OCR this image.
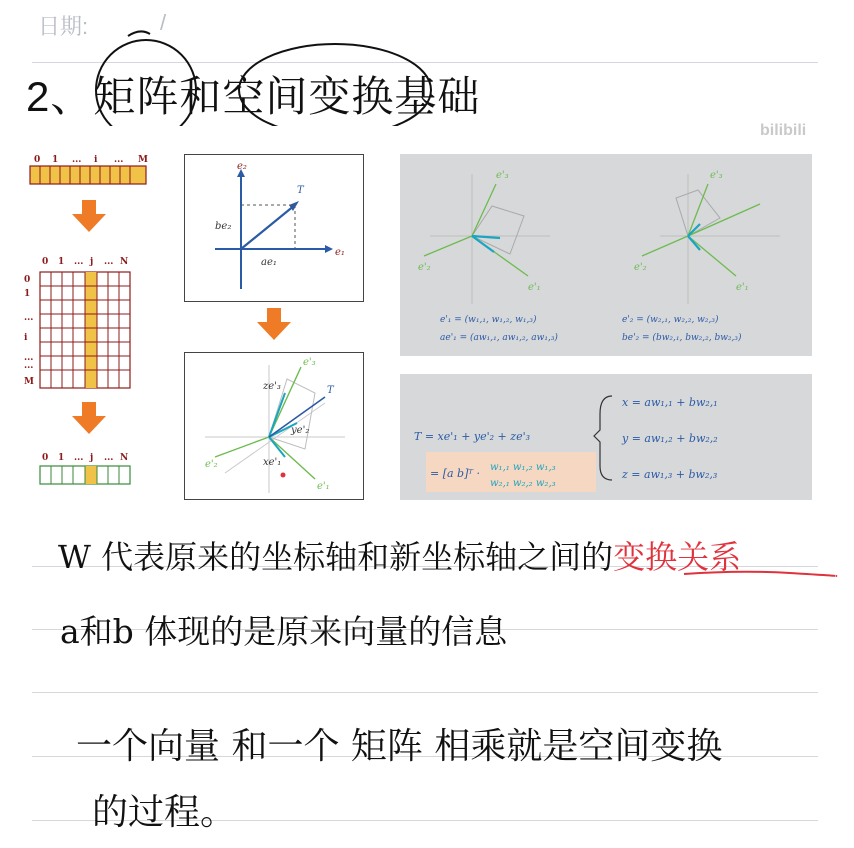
日期:	/
2、矩阵和空间变换基础
0 1 ... i ... M
0 1 ... j ... N
0
1
...
i
...
...
M
0 1 ... j ... N
e₂
e₁
T
be₂
ae₁
e'₃
e'₂
e'₁
ze'₃
ye'₂
xe'₁
T
e'₃
e'₂
e'₁
e'₃
e'₂
e'₁
e'₁ = (w₁,₁, w₁,₂, w₁,₃)
ae'₁ = (aw₁,₁, aw₁,₂, aw₁,₃)
e'₂ = (w₂,₁, w₂,₂, w₂,₃)
be'₂ = (bw₂,₁, bw₂,₂, bw₂,₃)
bilibili
T = xe'₁ + ye'₂ + ze'₃
= [a b]ᵀ · w₁,₁ w₁,₂ w₁,₃
w₂,₁ w₂,₂ w₂,₃
x = aw₁,₁ + bw₂,₁
y = aw₁,₂ + bw₂,₂
z = aw₁,₃ + bw₂,₃
W 代表原来的坐标轴和新坐标轴之间的变换关系
a和b 体现的是原来向量的信息
一个向量 和一个 矩阵 相乘就是空间变换
的过程。
